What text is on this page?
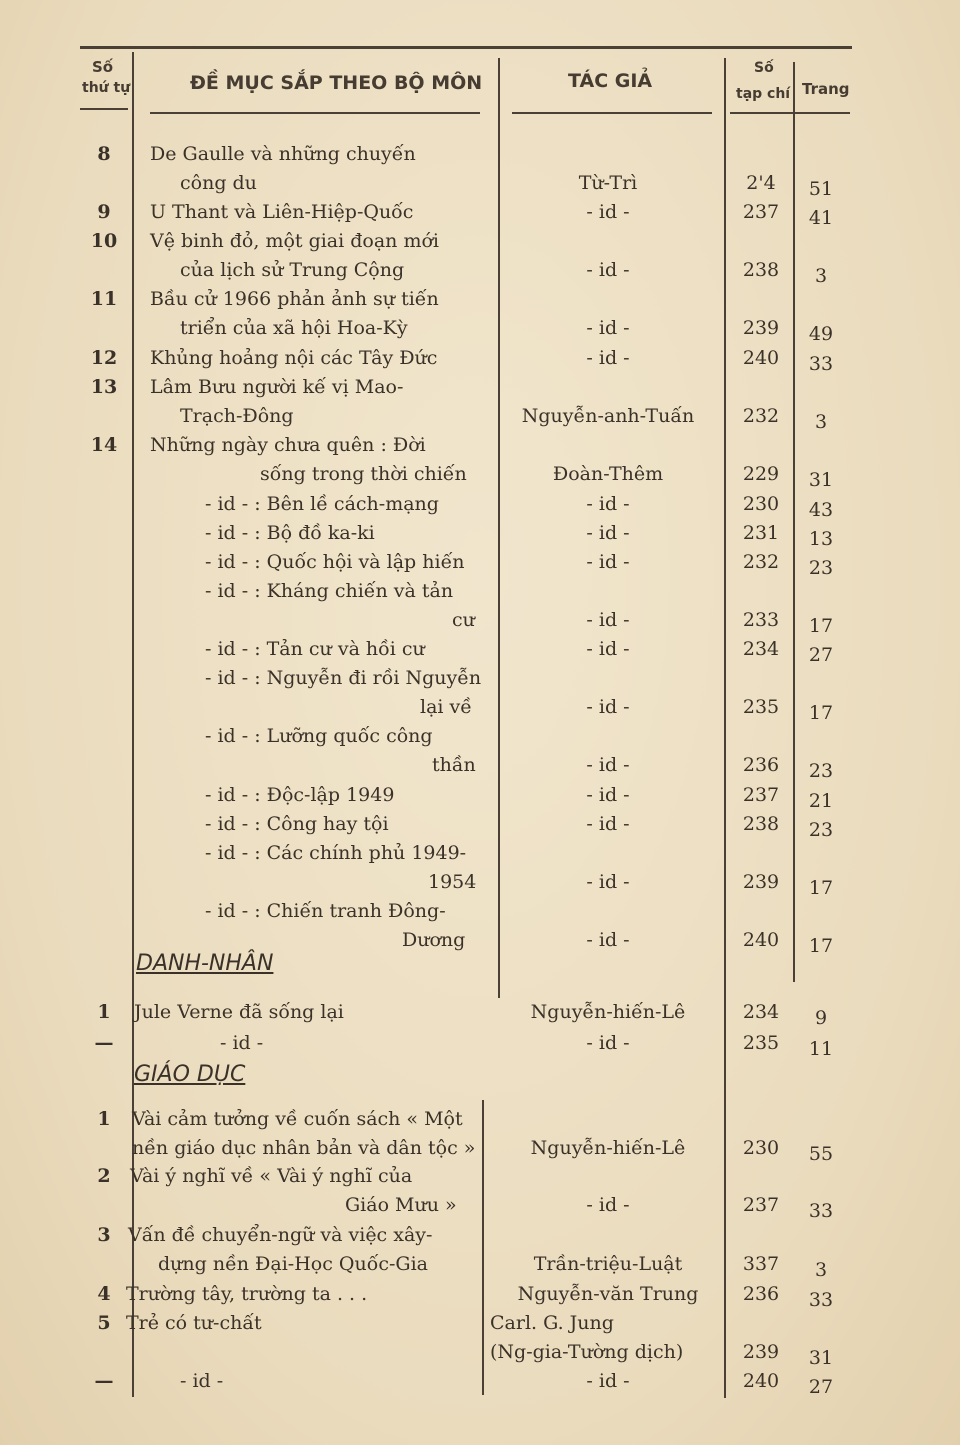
Số
thứ tự	ĐỀ MỤC SẮP THEO BỘ MÔN	TÁC GIẢ
Số
tạp chí Trang
DANH-NHÂN
GIÁO DỤC
8	De Gaulle và những chuyến
công du	Từ-Trì	2'4	51
9	U Thant và Liên-Hiệp-Quốc	- id -	237	41
10	Vệ binh đỏ, một giai đoạn mới
của lịch sử Trung Cộng	- id -	238	3
11	Bầu cử 1966 phản ảnh sự tiến
triển của xã hội Hoa-Kỳ	- id -	239	49
12	Khủng hoảng nội các Tây Đức	- id -	240	33
13	Lâm Bưu người kế vị Mao-
Trạch-Đông	Nguyễn-anh-Tuấn	232	3
14	Những ngày chưa quên : Đời
sống trong thời chiến	Đoàn-Thêm	229	31
- id - : Bên lề cách-mạng	- id -	230	43
- id - : Bộ đồ ka-ki	- id -	231	13
- id - : Quốc hội và lập hiến	- id -	232	23
- id - : Kháng chiến và tản
cư	- id -	233	17
- id - : Tản cư và hồi cư	- id -	234	27
- id - : Nguyễn đi rồi Nguyễn
lại về	- id -	235	17
- id - : Lưỡng quốc công
thần	- id -	236	23
- id - : Độc-lập 1949	- id -	237	21
- id - : Công hay tội	- id -	238	23
- id - : Các chính phủ 1949-
1954	- id -	239	17
- id - : Chiến tranh Đông-
Dương	- id -	240	17
1	Jule Verne đã sống lại	Nguyễn-hiến-Lê	234	9
—	- id -	- id -	235	11
1	Vài cảm tưởng về cuốn sách « Một
nền giáo dục nhân bản và dân tộc »	Nguyễn-hiến-Lê	230	55
2	Vài ý nghĩ về « Vài ý nghĩ của
Giáo Mưu »	- id -	237	33
3 Vấn đề chuyển-ngữ và việc xây-
dựng nền Đại-Học Quốc-Gia	Trần-triệu-Luật	337	3
4 Trường tây, trường ta . . .	Nguyễn-văn Trung	236	33
5 Trẻ có tư-chất	Carl. G. Jung
(Ng-gia-Tường dịch)	239	31
—	- id -	- id -	240	27
